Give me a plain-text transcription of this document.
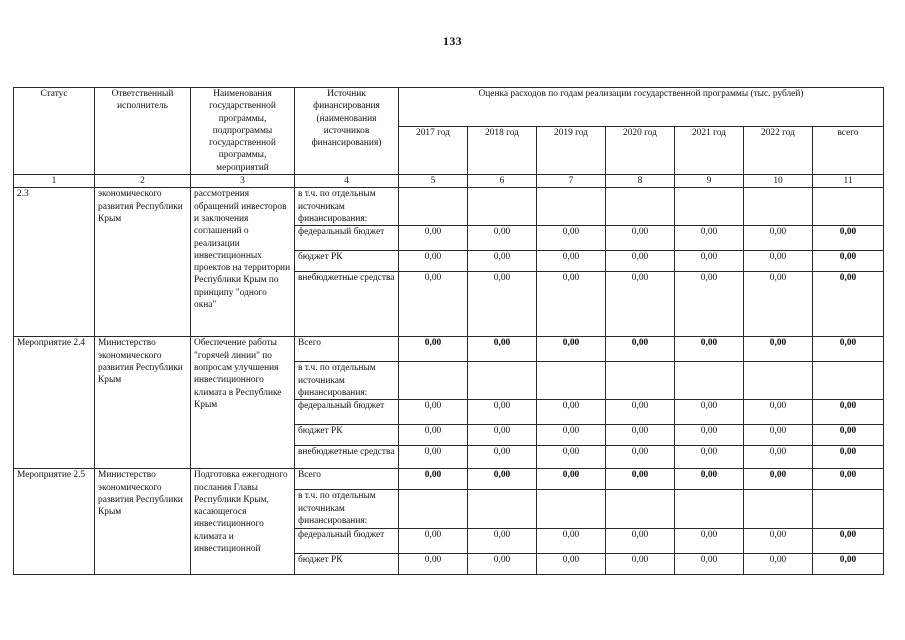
133
Статус	Ответственный исполнитель	Наименования государственной программы, подпрограммы государственной программы, мероприятий	Источник финансирования (наименования источников финансирования)	Оценка расходов по годам реализации государственной программы (тыс. рублей)						
				2017 год	2018 год	2019 год	2020 год	2021 год	2022 год	всего
1	2	3	4	5	6	7	8	9	10	11
2.3	экономического развития Республики Крым	рассмотрения обращений инвесторов и заключения соглашений о реализации инвестиционных проектов на территории Республики Крым по принципу "одного окна"	в т.ч. по отдельным источникам финансирования:							
			федеральный бюджет	0,00	0,00	0,00	0,00	0,00	0,00	0,00
			бюджет РК	0,00	0,00	0,00	0,00	0,00	0,00	0,00
			внебюджетные средства	0,00	0,00	0,00	0,00	0,00	0,00	0,00
Мероприятие 2.4	Министерство экономического развития Республики Крым	Обеспечение работы "горячей линии" по вопросам улучшения инвестиционного климата в Республике Крым	Всего	0,00	0,00	0,00	0,00	0,00	0,00	0,00
			в т.ч. по отдельным источникам финансирования:							
			федеральный бюджет	0,00	0,00	0,00	0,00	0,00	0,00	0,00
			бюджет РК	0,00	0,00	0,00	0,00	0,00	0,00	0,00
			внебюджетные средства	0,00	0,00	0,00	0,00	0,00	0,00	0,00
Мероприятие 2.5	Министерство экономического развития Республики Крым	Подготовка ежегодного послания Главы Республики Крым, касающегося инвестиционного климата и инвестиционной	Всего	0,00	0,00	0,00	0,00	0,00	0,00	0,00
			в т.ч. по отдельным источникам финансирования:							
			федеральный бюджет	0,00	0,00	0,00	0,00	0,00	0,00	0,00
			бюджет РК	0,00	0,00	0,00	0,00	0,00	0,00	0,00
